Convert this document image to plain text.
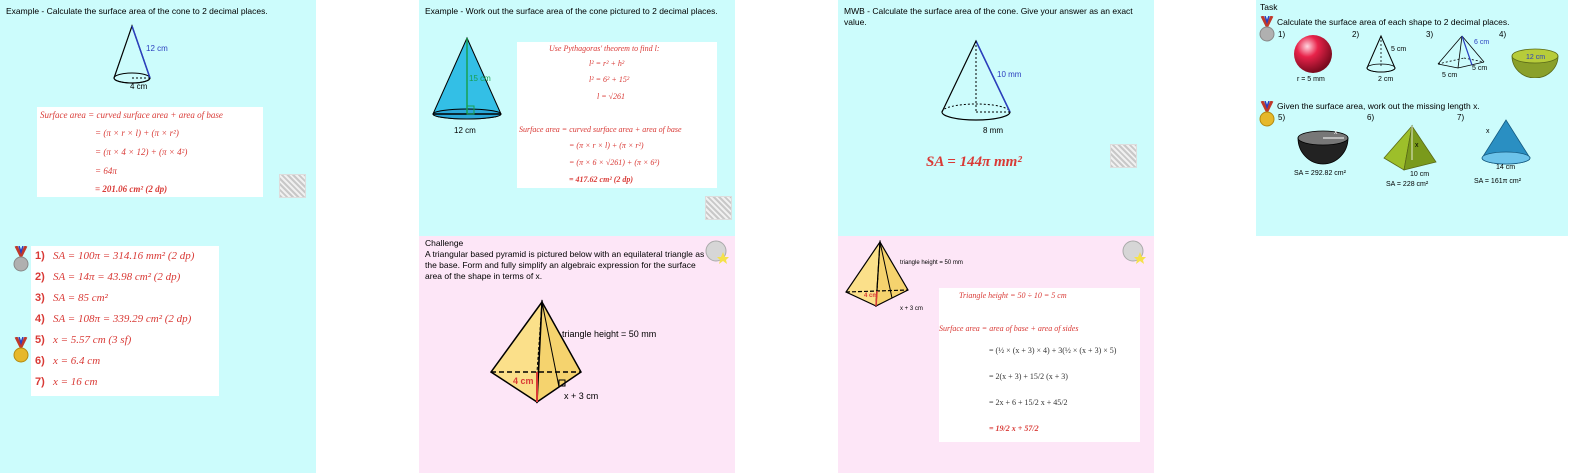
Example - Calculate the surface area of the cone to 2 decimal places.
12 cm
4 cm
Surface area = curved surface area + area of base
= (π × r × l) + (π × r²)
= (π × 4 × 12) + (π × 4²)
= 64π
= 201.06 cm² (2 dp)
1) SA = 100π = 314.16 mm² (2 dp)
2) SA = 14π = 43.98 cm² (2 dp)
3) SA = 85 cm²
4) SA = 108π = 339.29 cm² (2 dp)
5) x = 5.57 cm (3 sf)
6) x = 6.4 cm
7) x = 16 cm
Example - Work out the surface area of the cone pictured to 2 decimal places.
15 cm
12 cm
Use Pythagoras' theorem to find l:
l² = r² + h²
l² = 6² + 15²
l = √261
Surface area = curved surface area + area of base
= (π × r × l) + (π × r²)
= (π × 6 × √261) + (π × 6²)
= 417.62 cm² (2 dp)
Challenge
A triangular based pyramid is pictured below with an equilateral triangle as the base. Form and fully simplify an algebraic expression for the surface area of the shape in terms of x.
triangle height = 50 mm
4 cm
x + 3 cm
MWB - Calculate the surface area of the cone. Give your answer as an exact value.
10 mm
8 mm
SA = 144π mm²
triangle height = 50 mm
4 cm
x + 3 cm
Triangle height = 50 ÷ 10 = 5 cm
Surface area = area of base + area of sides
= (½ × (x + 3) × 4) + 3(½ × (x + 3) × 5)
= 2(x + 3) + 15/2 (x + 3)
= 2x + 6 + 15/2 x + 45/2
= 19/2 x + 57/2
Task
Calculate the surface area of each shape to 2 decimal places.
1)	2)	3)	4)
r = 5 mm
5 cm
2 cm
6 cm
5 cm
5 cm
12 cm
Given the surface area, work out the missing length x.
5)	6)	7)
x
SA = 292.82 cm²
x
10 cm
SA = 228 cm²
x
14 cm
SA = 161π cm²
